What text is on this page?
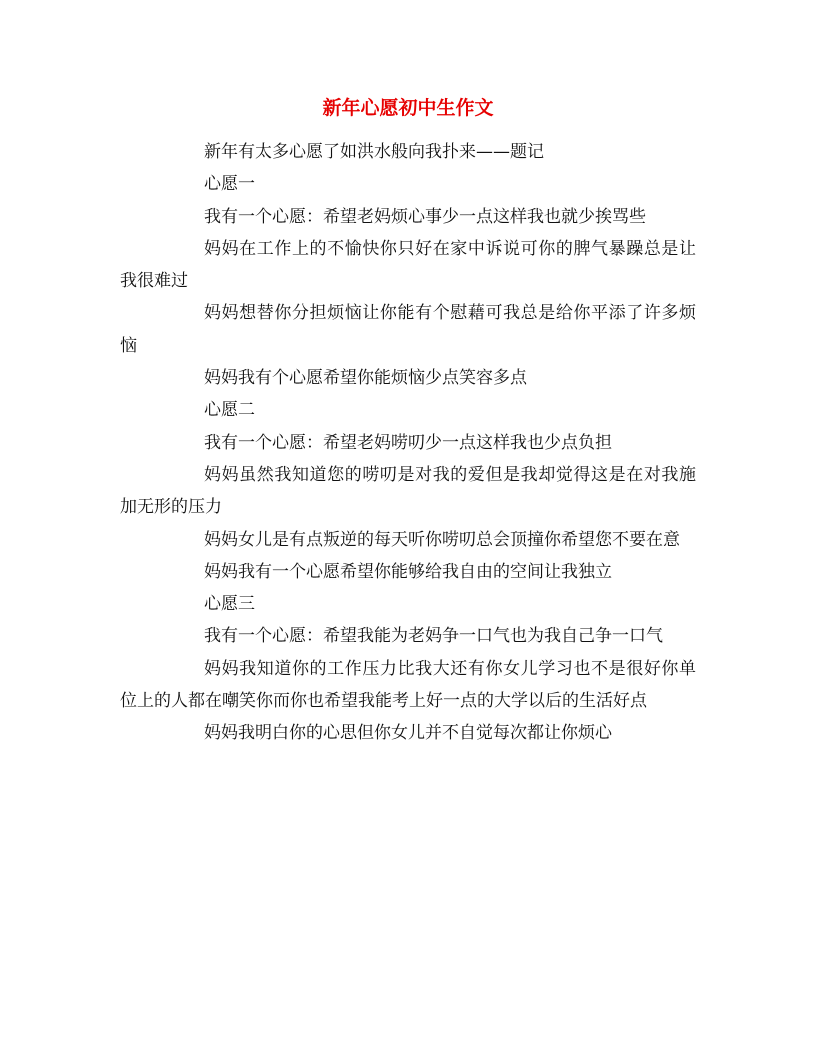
新年心愿初中生作文

新年有太多心愿了如洪水般向我扑来——题记

心愿一

我有一个心愿：希望老妈烦心事少一点这样我也就少挨骂些

妈妈在工作上的不愉快你只好在家中诉说可你的脾气暴躁总是让我很难过

妈妈想替你分担烦恼让你能有个慰藉可我总是给你平添了许多烦恼

妈妈我有个心愿希望你能烦恼少点笑容多点

心愿二

我有一个心愿：希望老妈唠叨少一点这样我也少点负担

妈妈虽然我知道您的唠叨是对我的爱但是我却觉得这是在对我施加无形的压力

妈妈女儿是有点叛逆的每天听你唠叨总会顶撞你希望您不要在意

妈妈我有一个心愿希望你能够给我自由的空间让我独立

心愿三

我有一个心愿：希望我能为老妈争一口气也为我自己争一口气

妈妈我知道你的工作压力比我大还有你女儿学习也不是很好你单位上的人都在嘲笑你而你也希望我能考上好一点的大学以后的生活好点

妈妈我明白你的心思但你女儿并不自觉每次都让你烦心
